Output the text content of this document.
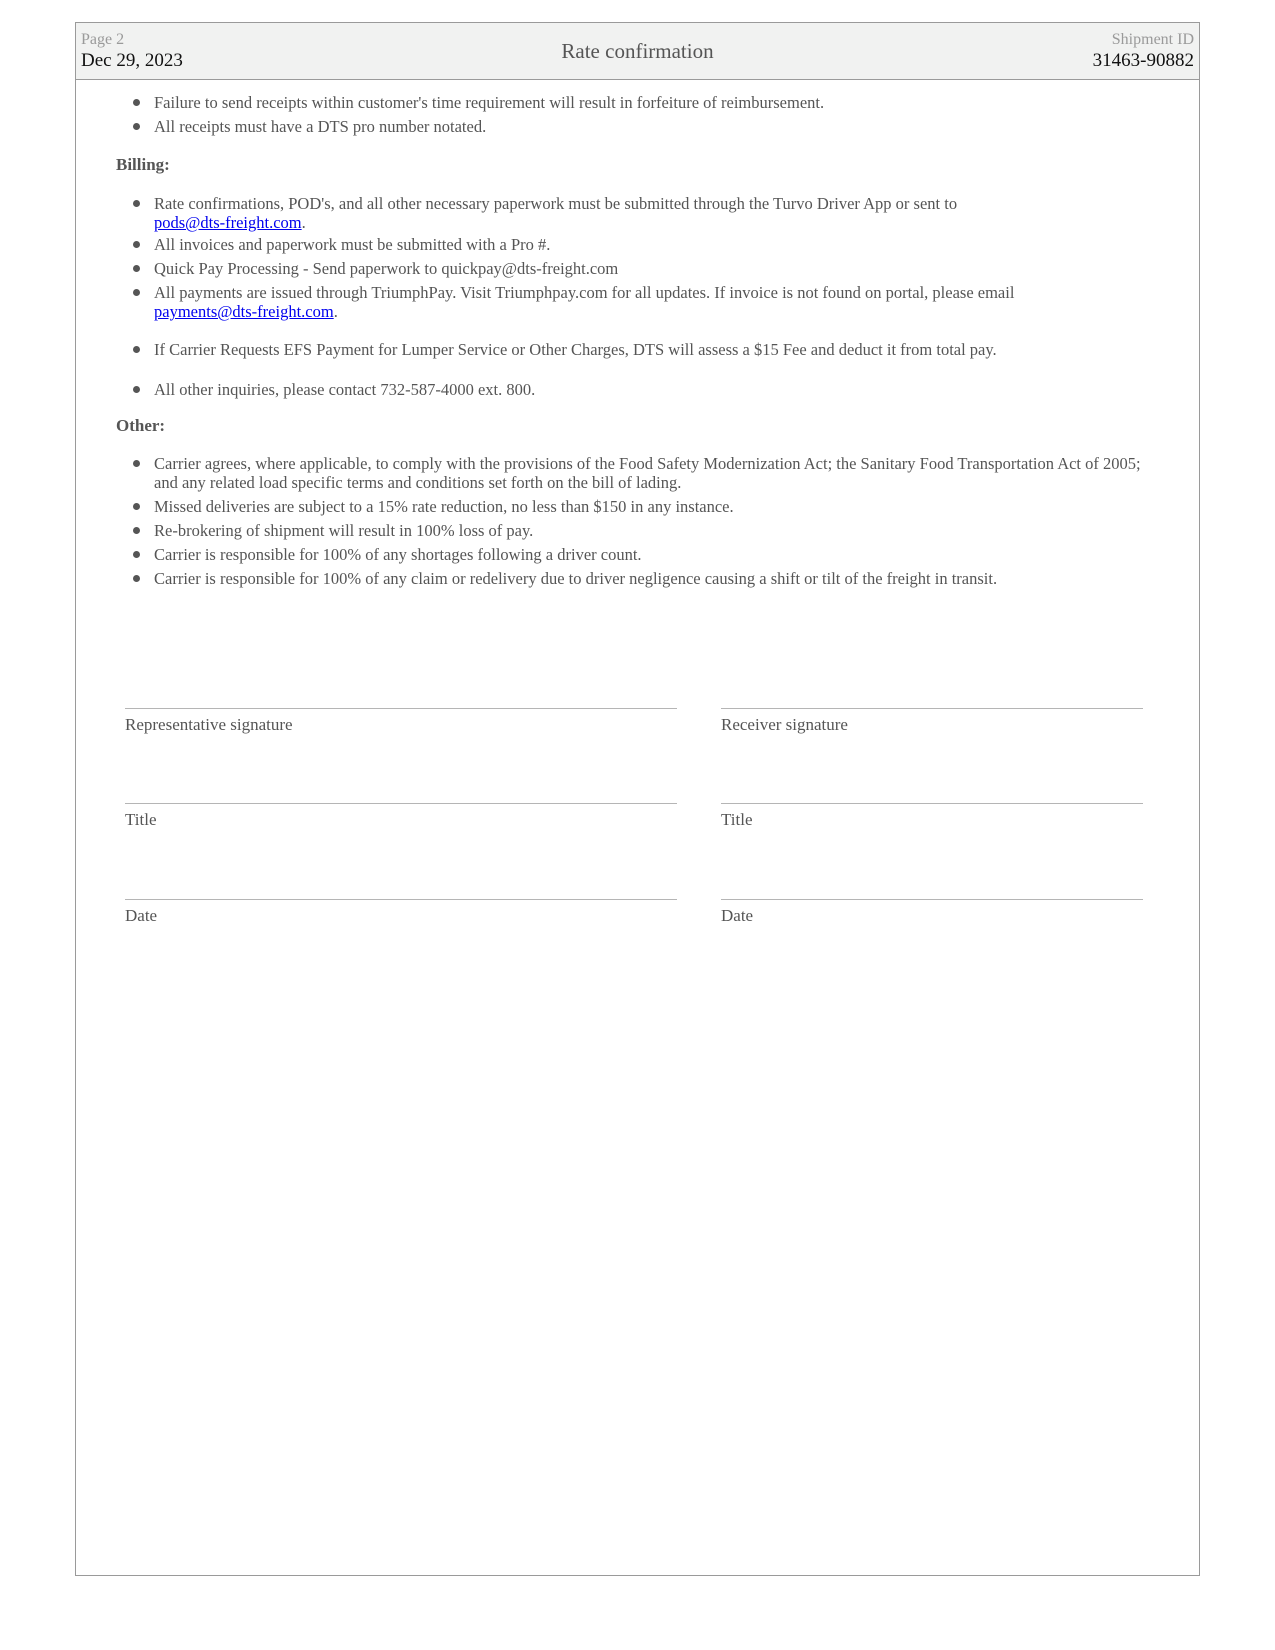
Page 2
Dec 29, 2023	Rate confirmation	Shipment ID
31463-90882
Failure to send receipts within customer's time requirement will result in forfeiture of reimbursement.
All receipts must have a DTS pro number notated.
Billing:
Rate confirmations, POD's, and all other necessary paperwork must be submitted through the Turvo Driver App or sent to
pods@dts-freight.com.
All invoices and paperwork must be submitted with a Pro #.
Quick Pay Processing - Send paperwork to quickpay@dts-freight.com
All payments are issued through TriumphPay. Visit Triumphpay.com for all updates. If invoice is not found on portal, please email
payments@dts-freight.com.
If Carrier Requests EFS Payment for Lumper Service or Other Charges, DTS will assess a $15 Fee and deduct it from total pay.
All other inquiries, please contact 732-587-4000 ext. 800.
Other:
Carrier agrees, where applicable, to comply with the provisions of the Food Safety Modernization Act; the Sanitary Food Transportation Act of 2005; and any related load specific terms and conditions set forth on the bill of lading.
Missed deliveries are subject to a 15% rate reduction, no less than $150 in any instance.
Re-brokering of shipment will result in 100% loss of pay.
Carrier is responsible for 100% of any shortages following a driver count.
Carrier is responsible for 100% of any claim or redelivery due to driver negligence causing a shift or tilt of the freight in transit.
Representative signature	Receiver signature
Title	Title
Date	Date
